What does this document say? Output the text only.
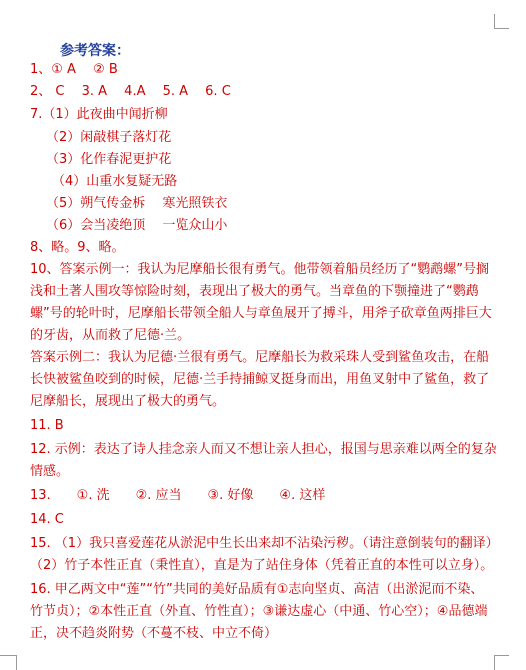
参考答案：
1、① A　 ② B
2、 C　 3. A　 4.A　 5. A　 6. C
7.（1）此夜曲中闻折柳
（2）闲敲棋子落灯花
（3）化作春泥更护花
（4）山重水复疑无路
（5）朔气传金柝　 寒光照铁衣
（6）会当凌绝顶　 一览众山小
8、略。9、略。
10、答案示例一：我认为尼摩船长很有勇气。他带领着船员经历了“鹦鹉螺”号搁
浅和土著人围攻等惊险时刻，表现出了极大的勇气。当章鱼的下颚撞进了“鹦鹉
螺”号的轮叶时，尼摩船长带领全船人与章鱼展开了搏斗，用斧子砍章鱼两排巨大
的牙齿，从而救了尼德·兰。
答案示例二：我认为尼德·兰很有勇气。尼摩船长为救采珠人受到鲨鱼攻击，在船
长快被鲨鱼咬到的时候，尼德·兰手持捕鲸叉挺身而出，用鱼叉射中了鲨鱼，救了
尼摩船长，展现出了极大的勇气。
11. B
12. 示例：表达了诗人挂念亲人而又不想让亲人担心，报国与思亲难以两全的复杂
情感。
13.　　①. 洗　　②. 应当　　③. 好像　　④. 这样
14. C
15. （1）我只喜爱莲花从淤泥中生长出来却不沾染污秽。（请注意倒装句的翻译）
（2）竹子本性正直（秉性直），直是为了站住身体（凭着正直的本性可以立身）。
16. 甲乙两文中“莲”“竹”共同的美好品质有①志向坚贞、高洁（出淤泥而不染、
竹节贞）；②本性正直（外直、竹性直）；③谦达虚心（中通、竹心空）；④品德端
正，决不趋炎附势（不蔓不枝、中立不倚）
